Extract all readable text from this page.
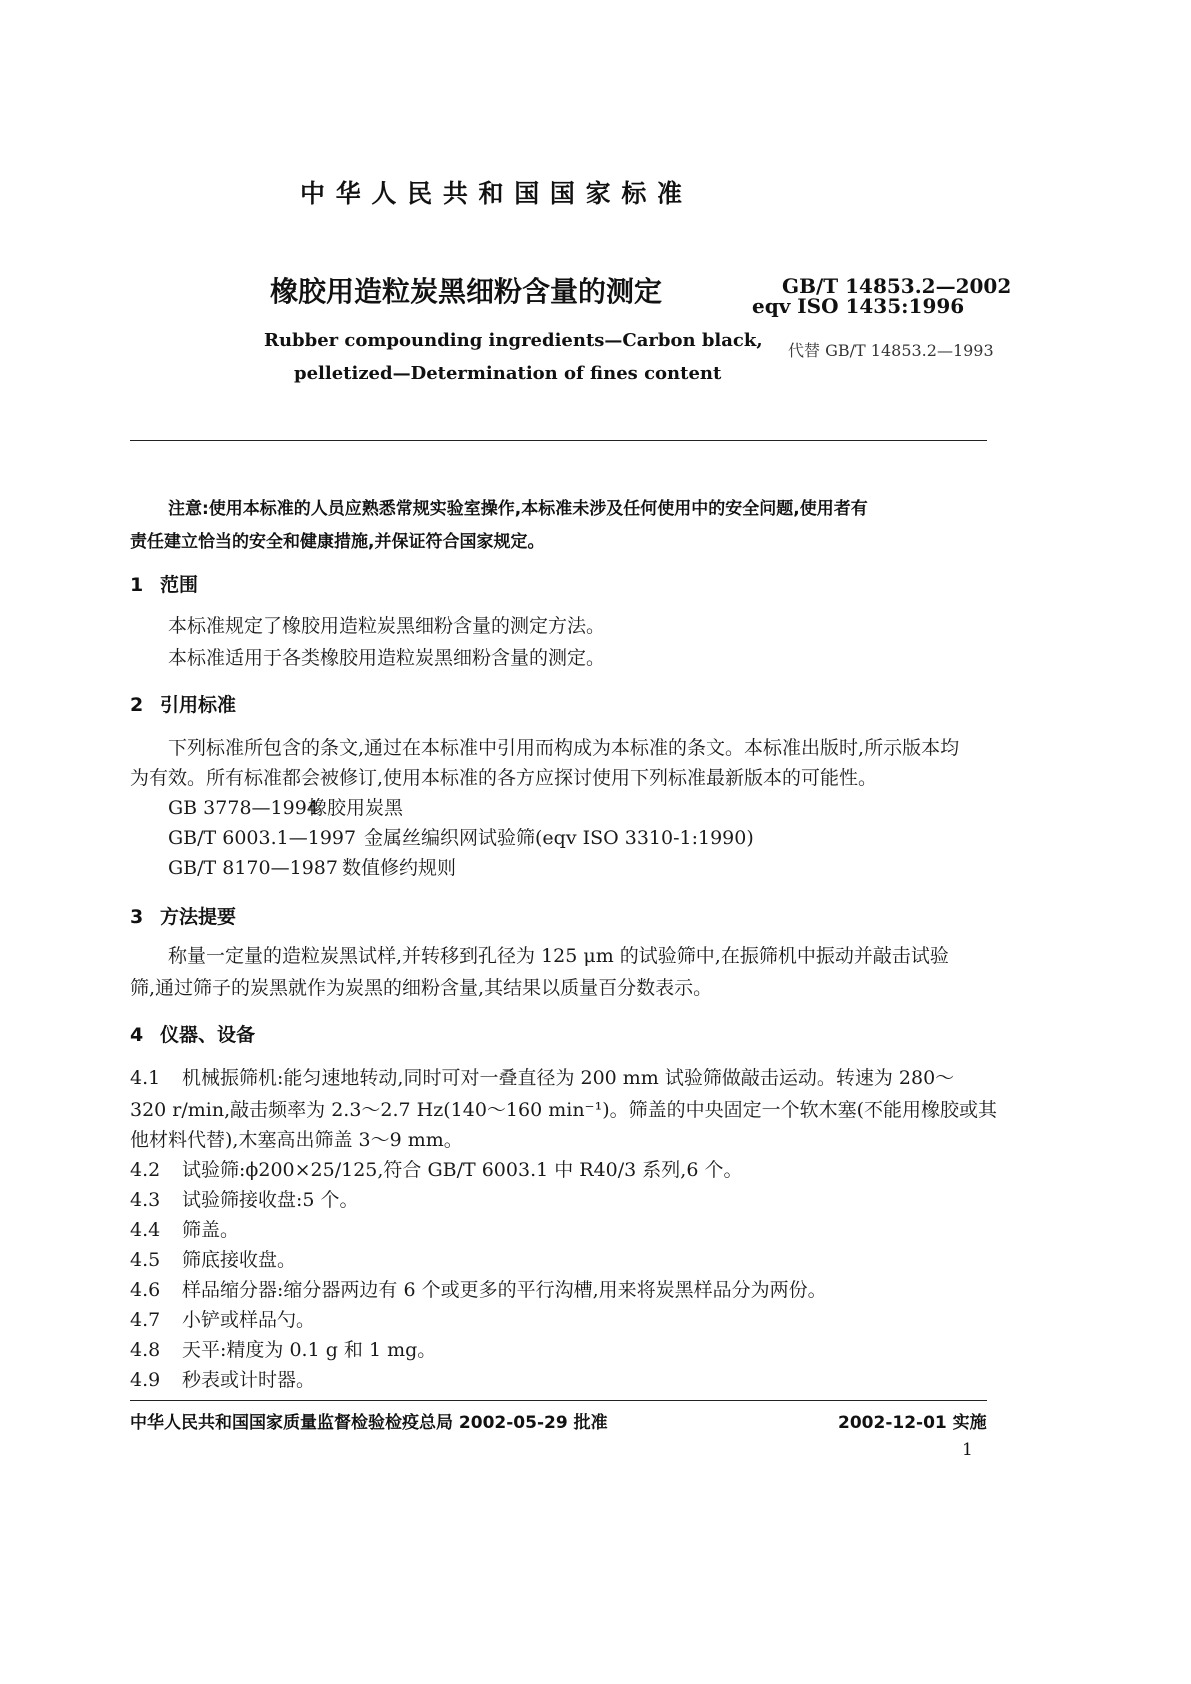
中 华 人 民 共 和 国 国 家 标 准
橡胶用造粒炭黑细粉含量的测定	GB/T 14853.2—2002
eqv ISO 1435:1996
Rubber compounding ingredients—Carbon black,
pelletized—Determination of fines content
代替 GB/T 14853.2—1993
注意:使用本标准的人员应熟悉常规实验室操作,本标准未涉及任何使用中的安全问题,使用者有
责任建立恰当的安全和健康措施,并保证符合国家规定。
1 范围
本标准规定了橡胶用造粒炭黑细粉含量的测定方法。
本标准适用于各类橡胶用造粒炭黑细粉含量的测定。
2 引用标准
下列标准所包含的条文,通过在本标准中引用而构成为本标准的条文。本标准出版时,所示版本均
为有效。所有标准都会被修订,使用本标准的各方应探讨使用下列标准最新版本的可能性。
GB 3778—1994橡胶用炭黑
GB/T 6003.1—1997 金属丝编织网试验筛(eqv ISO 3310-1:1990)
GB/T 8170—1987 数值修约规则
3 方法提要
称量一定量的造粒炭黑试样,并转移到孔径为 125 μm 的试验筛中,在振筛机中振动并敲击试验
筛,通过筛子的炭黑就作为炭黑的细粉含量,其结果以质量百分数表示。
4 仪器、设备
4.1 机械振筛机:能匀速地转动,同时可对一叠直径为 200 mm 试验筛做敲击运动。转速为 280～
320 r/min,敲击频率为 2.3～2.7 Hz(140～160 min⁻¹)。筛盖的中央固定一个软木塞(不能用橡胶或其
他材料代替),木塞高出筛盖 3～9 mm。
4.2 试验筛:ϕ200×25/125,符合 GB/T 6003.1 中 R40/3 系列,6 个。
4.3 试验筛接收盘:5 个。
4.4 筛盖。
4.5 筛底接收盘。
4.6 样品缩分器:缩分器两边有 6 个或更多的平行沟槽,用来将炭黑样品分为两份。
4.7 小铲或样品勺。
4.8 天平:精度为 0.1 g 和 1 mg。
4.9 秒表或计时器。
中华人民共和国国家质量监督检验检疫总局 2002-05-29 批准	2002-12-01 实施
1
